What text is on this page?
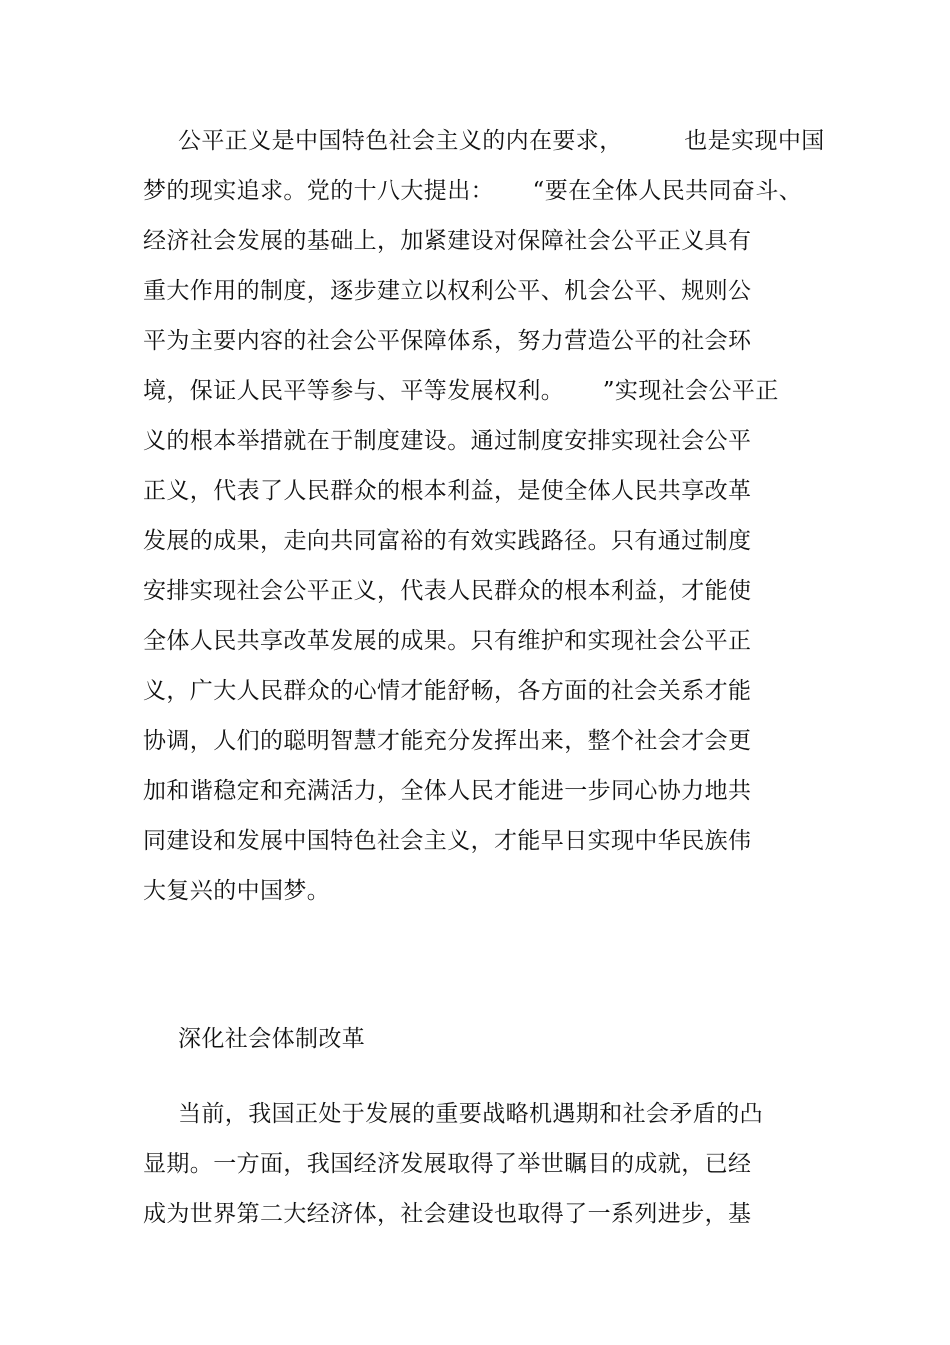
公平正义是中国特色社会主义的内在要求，        也是实现中国
梦的现实追求。党的十八大提出：     “要在全体人民共同奋斗、
经济社会发展的基础上，加紧建设对保障社会公平正义具有
重大作用的制度，逐步建立以权利公平、机会公平、规则公
平为主要内容的社会公平保障体系，努力营造公平的社会环
境，保证人民平等参与、平等发展权利。     ”实现社会公平正
义的根本举措就在于制度建设。通过制度安排实现社会公平
正义，代表了人民群众的根本利益，是使全体人民共享改革
发展的成果，走向共同富裕的有效实践路径。只有通过制度
安排实现社会公平正义，代表人民群众的根本利益，才能使
全体人民共享改革发展的成果。只有维护和实现社会公平正
义，广大人民群众的心情才能舒畅，各方面的社会关系才能
协调，人们的聪明智慧才能充分发挥出来，整个社会才会更
加和谐稳定和充满活力，全体人民才能进一步同心协力地共
同建设和发展中国特色社会主义，才能早日实现中华民族伟
大复兴的中国梦。
深化社会体制改革
当前，我国正处于发展的重要战略机遇期和社会矛盾的凸
显期。一方面，我国经济发展取得了举世瞩目的成就，已经
成为世界第二大经济体，社会建设也取得了一系列进步，基
